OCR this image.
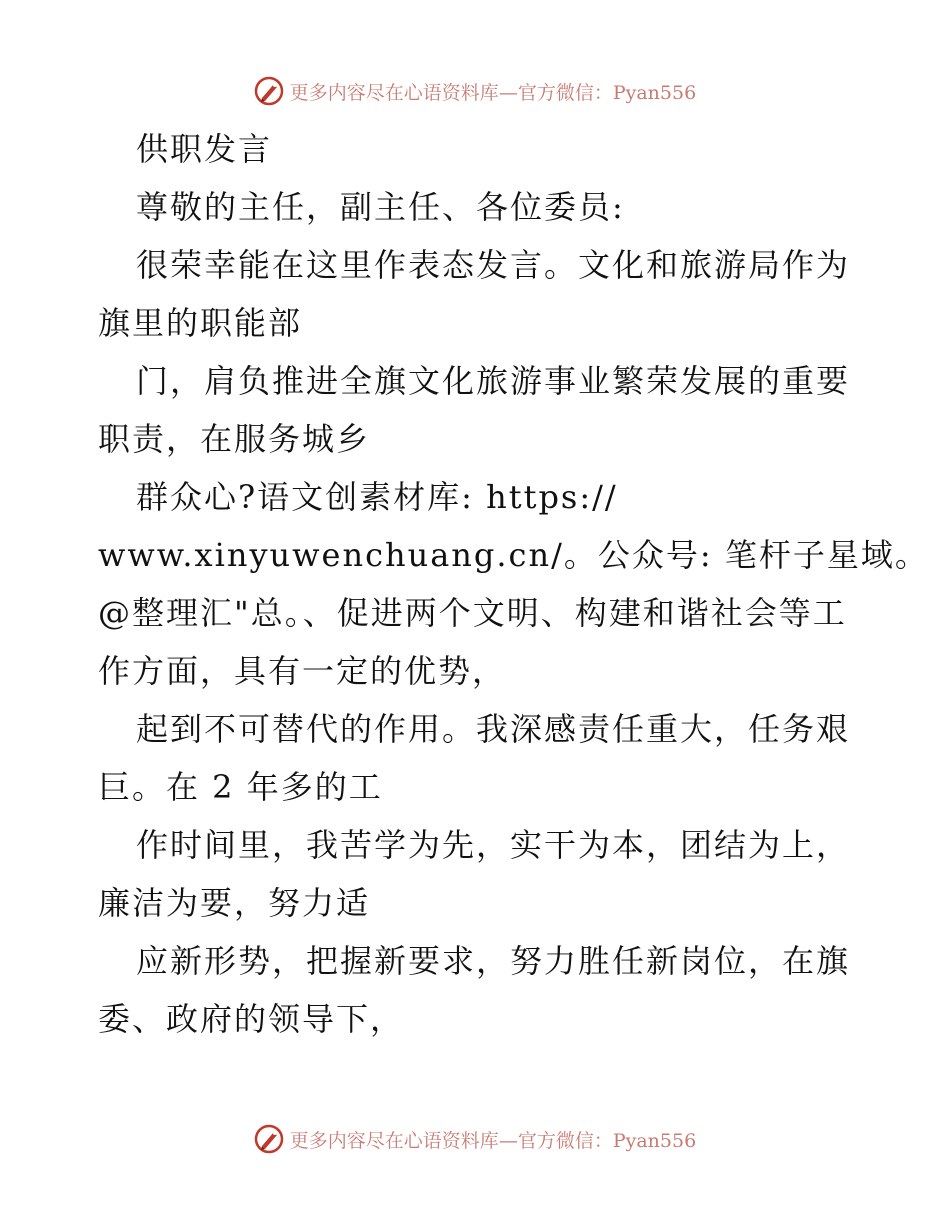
更多内容尽在心语资料库—官方微信：Pyan556
供职发言
尊敬的主任，副主任、各位委员:
很荣幸能在这里作表态发言。文化和旅游局作为
旗里的职能部
门，肩负推进全旗文化旅游事业繁荣发展的重要
职责，在服务城乡
群众心?语文创素材库: https://
www.xinyuwenchuang.cn/。公众号: 笔杆子星域。
@整理汇"总。、促进两个文明、构建和谐社会等工
作方面，具有一定的优势，
起到不可替代的作用。我深感责任重大，任务艰
巨。在 2 年多的工
作时间里，我苦学为先，实干为本，团结为上，
廉洁为要，努力适
应新形势，把握新要求，努力胜任新岗位，在旗
委、政府的领导下，
更多内容尽在心语资料库—官方微信：Pyan556
